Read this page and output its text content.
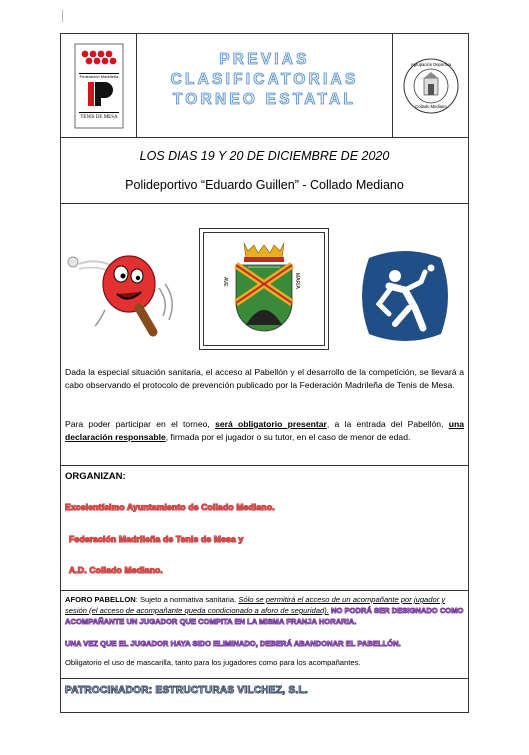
Federación Madrileña
TENIS DE MESA
PREVIAS
CLASIFICATORIAS
TORNEO ESTATAL
Agrupación Deportiva
Collado Mediano
LOS DIAS 19 Y 20 DE DICIEMBRE DE 2020
Polideportivo “Eduardo Guillen” - Collado Mediano
AVE	MARIA
Dada la especial situación sanitaria, el acceso al Pabellón y el desarrollo de la competición, se llevará a cabo observando el protocolo de prevención publicado por la Federación Madrileña de Tenis de Mesa.
Para poder participar en el torneo, será obligatorio presentar, a la entrada del Pabellón, una declaración responsable, firmada por el jugador o su tutor, en el caso de menor de edad.
ORGANIZAN:
Excelentísimo Ayuntamiento de Collado Mediano.
Federación Madrileña de Tenis de Mesa y
A.D. Collado Mediano.
AFORO PABELLON: Sujeto a normativa sanitaria. Sólo se permitirá el acceso de un acompañante por jugador y sesión (el acceso de acompañante queda condicionado a aforo de seguridad). NO PODRÁ SER DESIGNADO COMO ACOMPAÑANTE UN JUGADOR QUE COMPITA EN LA MISMA FRANJA HORARIA.
UNA VEZ QUE EL JUGADOR HAYA SIDO ELIMINADO, DEBERÁ ABANDONAR EL PABELLÓN.
Obligatorio el uso de mascarilla, tanto para los jugadores como para los acompañantes.
PATROCINADOR: ESTRUCTURAS VILCHEZ, S.L.
